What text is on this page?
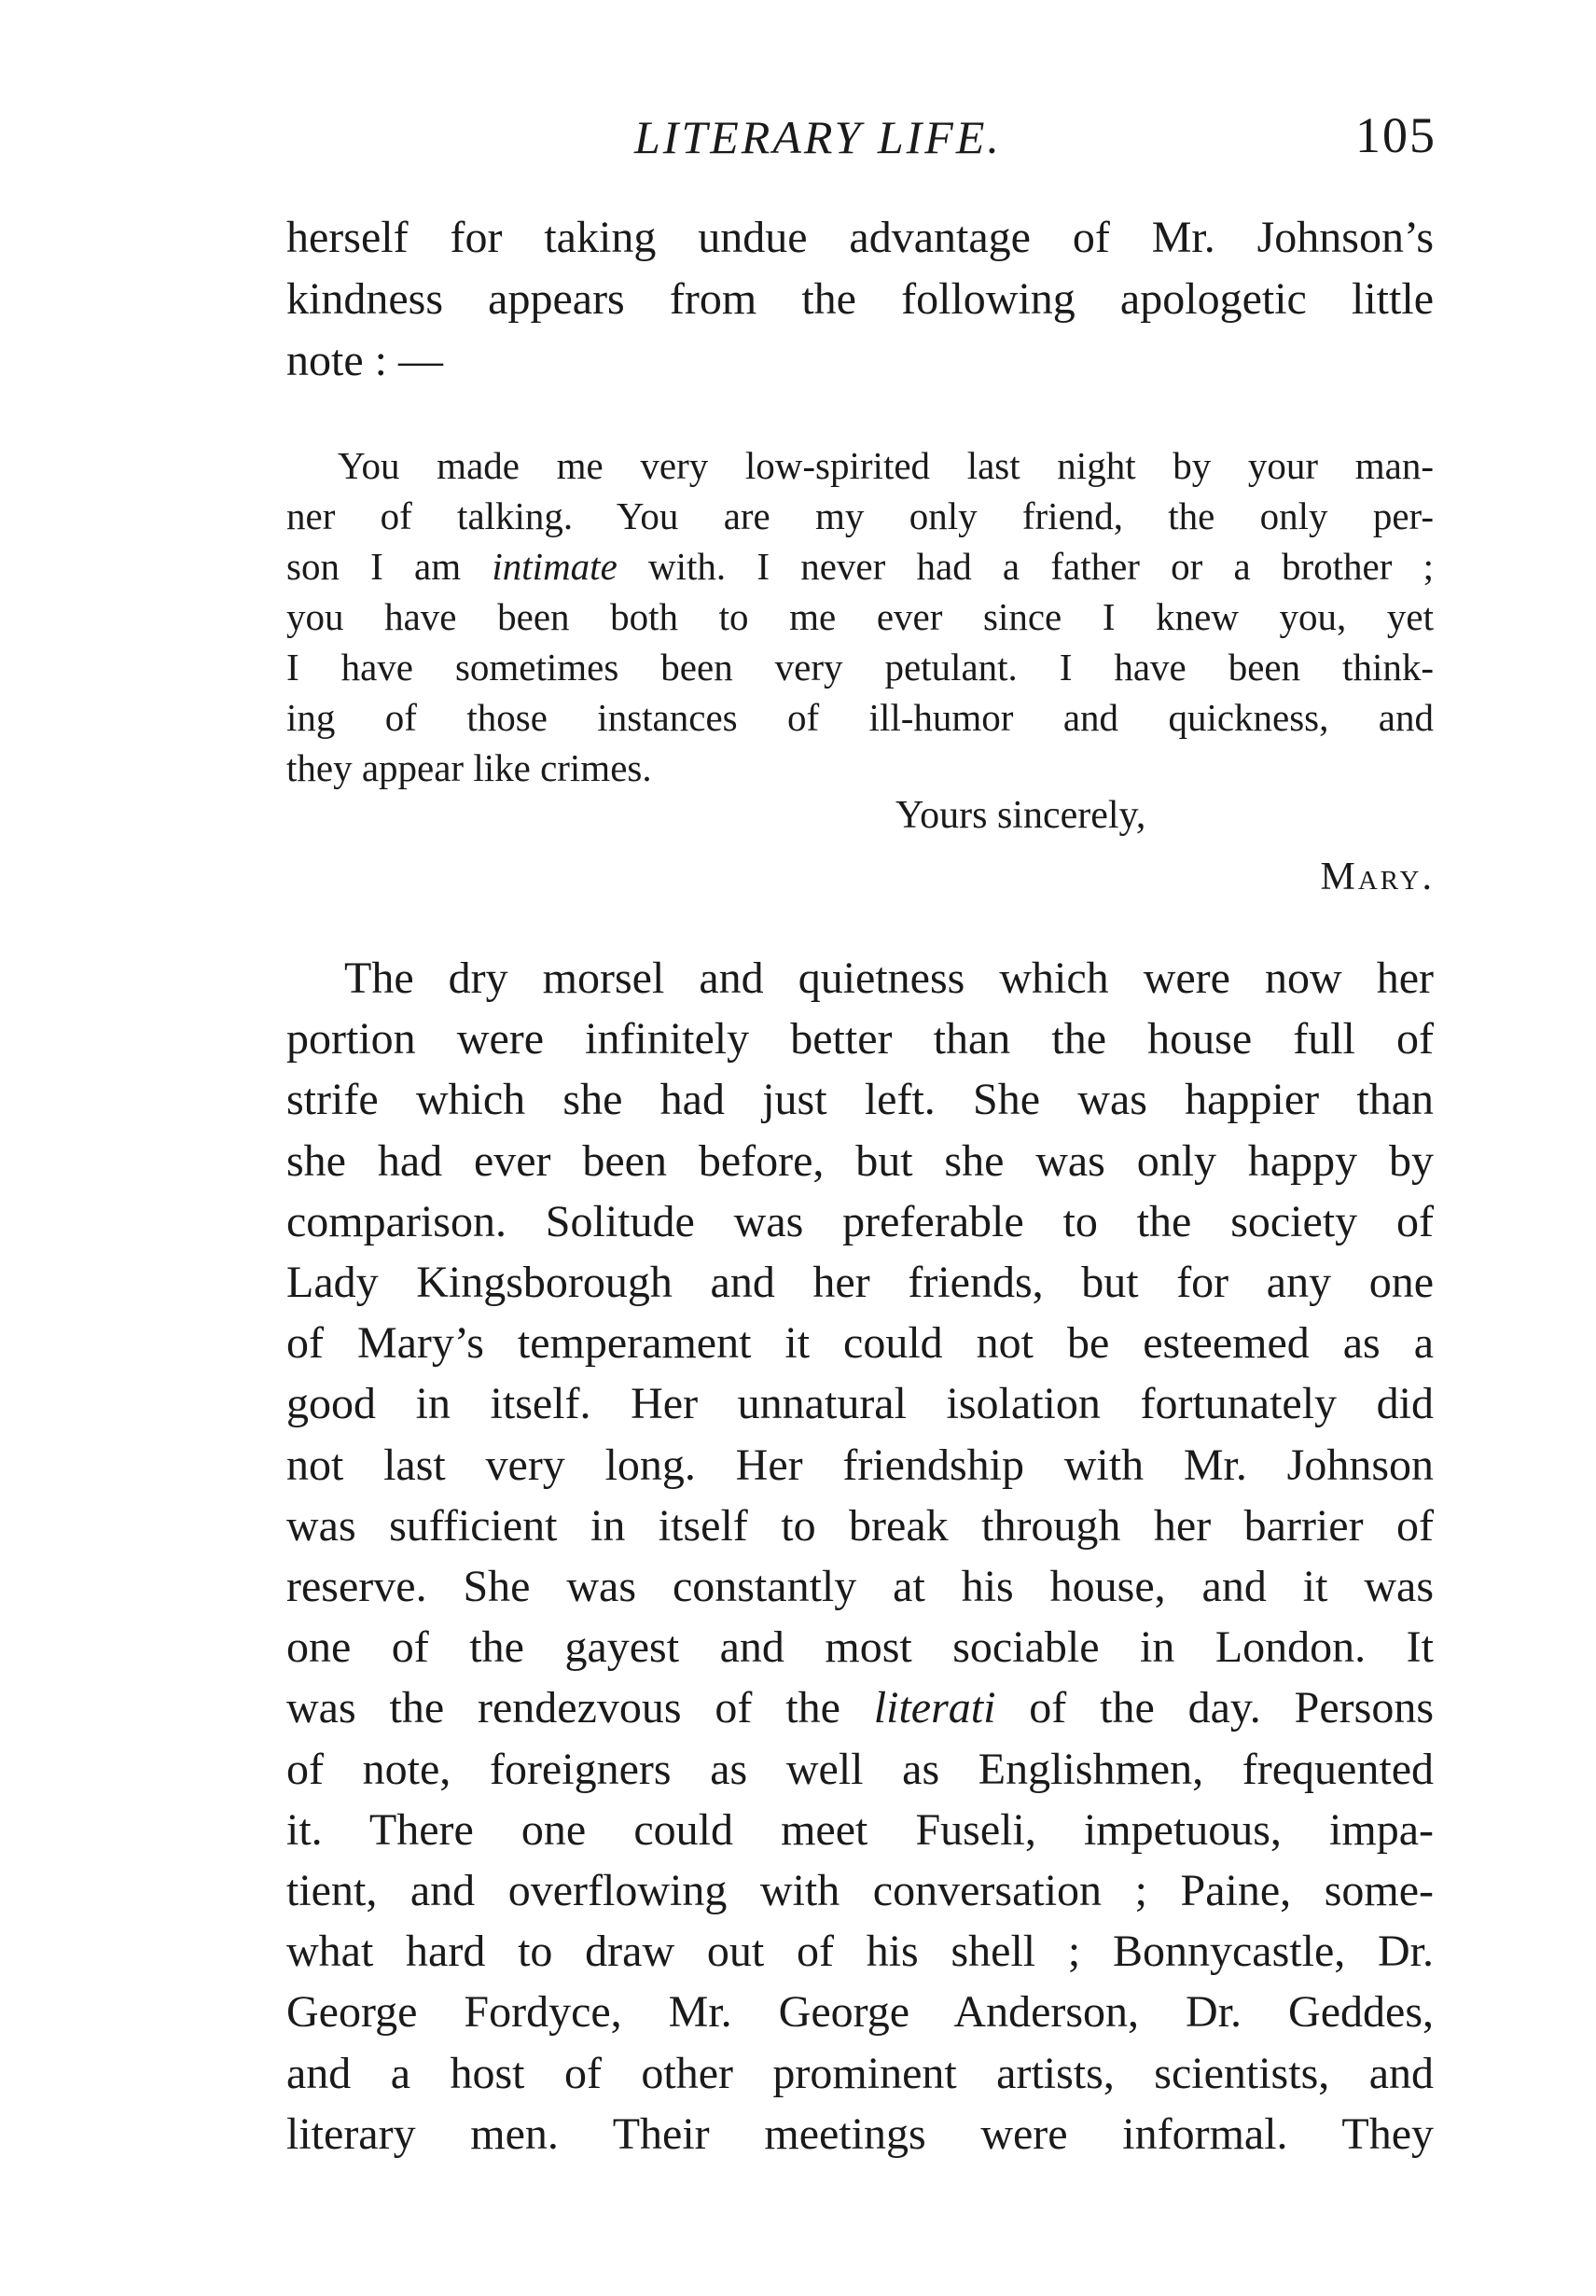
LITERARY LIFE.	105
herself for taking undue advantage of Mr. Johnson’s
kindness appears from the following apologetic little
note : —
You made me very low-spirited last night by your man-
ner of talking. You are my only friend, the only per-
son I am intimate with. I never had a father or a brother ;
you have been both to me ever since I knew you, yet
I have sometimes been very petulant. I have been think-
ing of those instances of ill-humor and quickness, and
they appear like crimes.
Yours sincerely,
Mary.
The dry morsel and quietness which were now her
portion were infinitely better than the house full of
strife which she had just left. She was happier than
she had ever been before, but she was only happy by
comparison. Solitude was preferable to the society of
Lady Kingsborough and her friends, but for any one
of Mary’s temperament it could not be esteemed as a
good in itself. Her unnatural isolation fortunately did
not last very long. Her friendship with Mr. Johnson
was sufficient in itself to break through her barrier of
reserve. She was constantly at his house, and it was
one of the gayest and most sociable in London. It
was the rendezvous of the literati of the day. Persons
of note, foreigners as well as Englishmen, frequented
it. There one could meet Fuseli, impetuous, impa-
tient, and overflowing with conversation ; Paine, some-
what hard to draw out of his shell ; Bonnycastle, Dr.
George Fordyce, Mr. George Anderson, Dr. Geddes,
and a host of other prominent artists, scientists, and
literary men. Their meetings were informal. They
